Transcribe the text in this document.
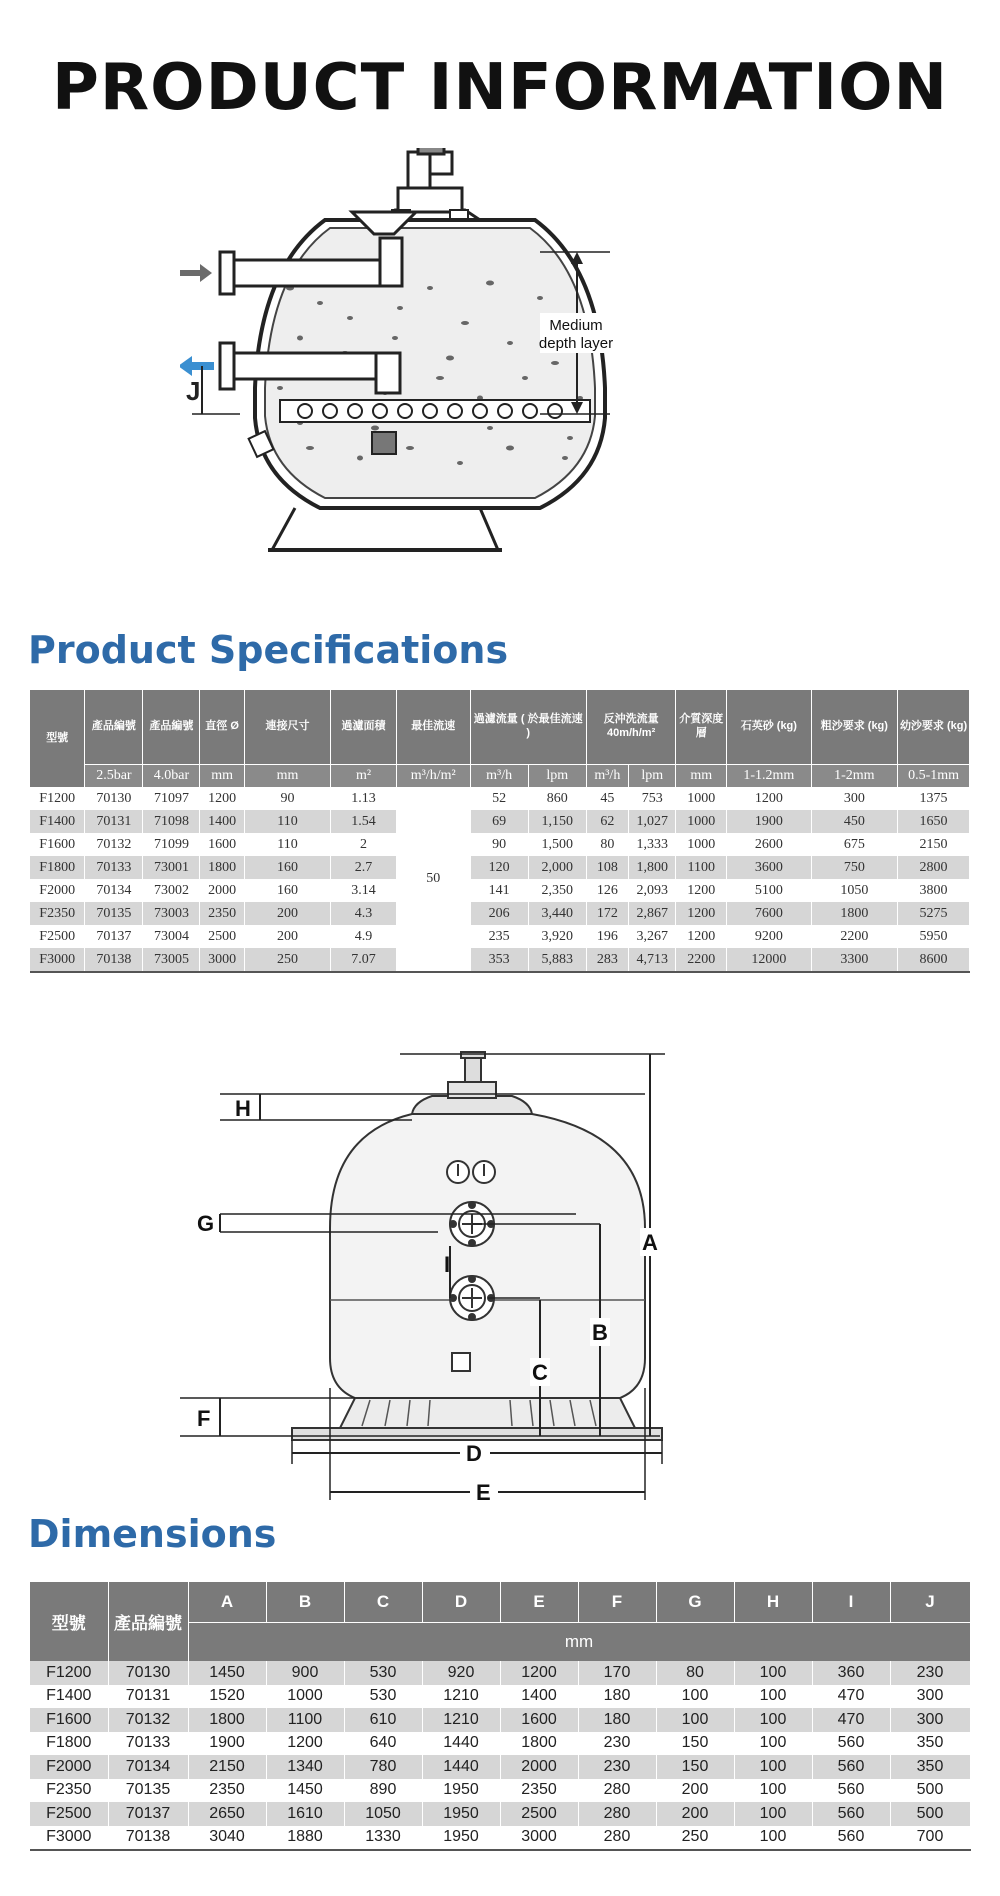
PRODUCT INFORMATION
J
Medium
depth layer
Product Specifications
型號	產品編號	產品編號	直徑 Ø	連接尺寸	過濾面積	最佳流速	過濾流量 ( 於最佳流速 )		反沖洗流量 40m/h/m²		介質深度層	石英砂 (kg)	粗沙要求 (kg)	幼沙要求 (kg)
	2.5bar	4.0bar	mm	mm	m²	m³/h/m²	m³/h	lpm	m³/h	lpm	mm	1-1.2mm	1-2mm	0.5-1mm
F1200	70130	71097	1200	90	1.13	50	52	860	45	753	1000	1200	300	1375
F1400	70131	71098	1400	110	1.54		69	1,150	62	1,027	1000	1900	450	1650
F1600	70132	71099	1600	110	2		90	1,500	80	1,333	1000	2600	675	2150
F1800	70133	73001	1800	160	2.7		120	2,000	108	1,800	1100	3600	750	2800
F2000	70134	73002	2000	160	3.14		141	2,350	126	2,093	1200	5100	1050	3800
F2350	70135	73003	2350	200	4.3		206	3,440	172	2,867	1200	7600	1800	5275
F2500	70137	73004	2500	200	4.9		235	3,920	196	3,267	1200	9200	2200	5950
F3000	70138	73005	3000	250	7.07		353	5,883	283	4,713	2200	12000	3300	8600
H
G
I
F
C
B
A
D
E
Dimensions
型號	產品編號	A	B	C	D	E	F	G	H	I	J
		mm									
F1200	70130	1450	900	530	920	1200	170	80	100	360	230
F1400	70131	1520	1000	530	1210	1400	180	100	100	470	300
F1600	70132	1800	1100	610	1210	1600	180	100	100	470	300
F1800	70133	1900	1200	640	1440	1800	230	150	100	560	350
F2000	70134	2150	1340	780	1440	2000	230	150	100	560	350
F2350	70135	2350	1450	890	1950	2350	280	200	100	560	500
F2500	70137	2650	1610	1050	1950	2500	280	200	100	560	500
F3000	70138	3040	1880	1330	1950	3000	280	250	100	560	700
